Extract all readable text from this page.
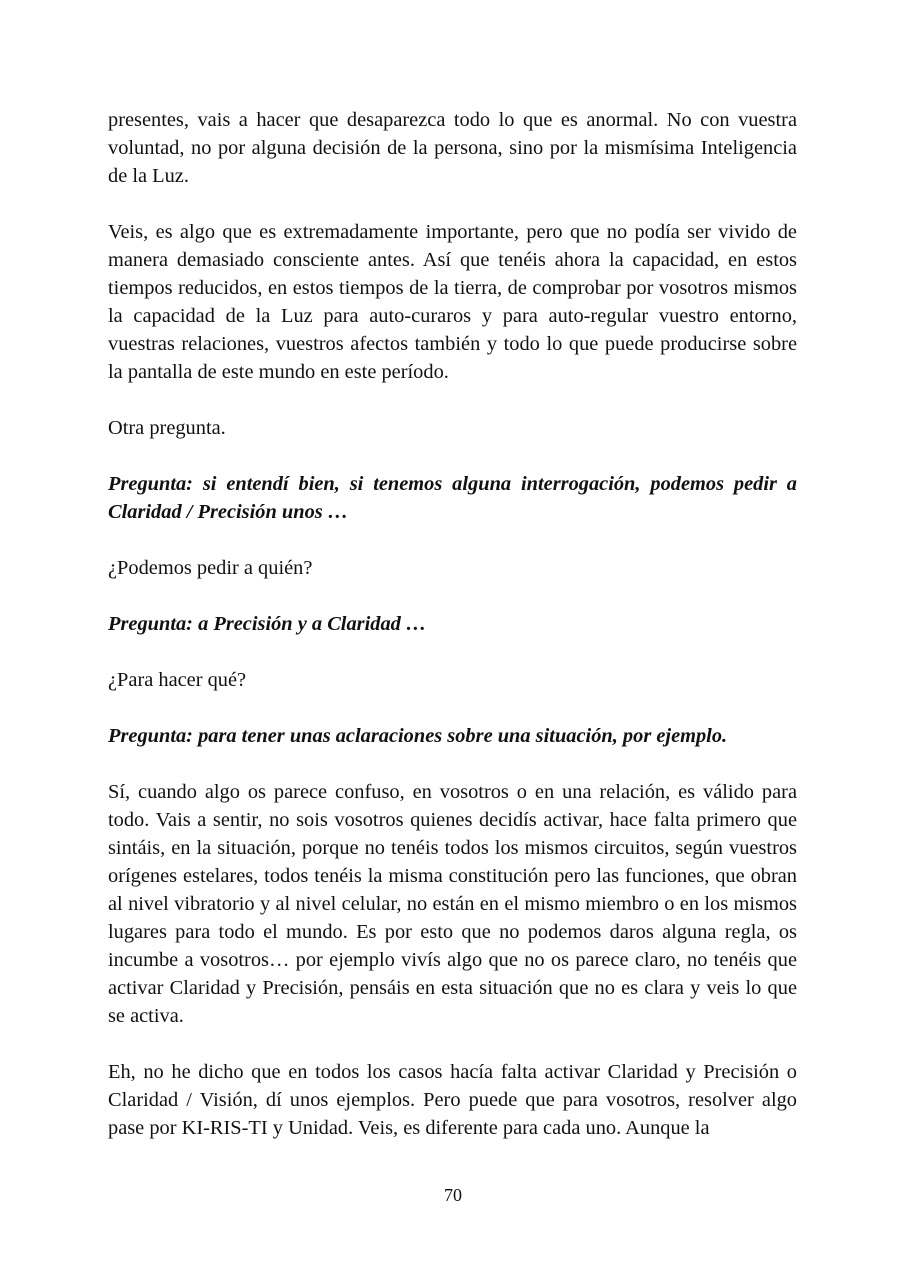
presentes, vais a hacer que desaparezca todo lo que es anormal. No con vuestra voluntad, no por alguna decisión de la persona, sino por la mismísima Inteligencia de la Luz.

Veis, es algo que es extremadamente importante, pero que no podía ser vivido de manera demasiado consciente antes. Así que tenéis ahora la capacidad, en estos tiempos reducidos, en estos tiempos de la tierra, de comprobar por vosotros mismos la capacidad de la Luz para auto-curaros y para auto-regular vuestro entorno, vuestras relaciones, vuestros afectos también y todo lo que puede producirse sobre la pantalla de este mundo en este período.

Otra pregunta.

Pregunta: si entendí bien, si tenemos alguna interrogación, podemos pedir a Claridad / Precisión unos …

¿Podemos pedir a quién?

Pregunta: a Precisión y a Claridad …

¿Para hacer qué?

Pregunta: para tener unas aclaraciones sobre una situación, por ejemplo.

Sí, cuando algo os parece confuso, en vosotros o en una relación, es válido para todo. Vais a sentir, no sois vosotros quienes decidís activar, hace falta primero que sintáis, en la situación, porque no tenéis todos los mismos circuitos, según vuestros orígenes estelares, todos tenéis la misma constitución pero las funciones, que obran al nivel vibratorio y al nivel celular, no están en el mismo miembro o en los mismos lugares para todo el mundo. Es por esto que no podemos daros alguna regla, os incumbe a vosotros… por ejemplo vivís algo que no os parece claro, no tenéis que activar Claridad y Precisión, pensáis en esta situación que no es clara y veis lo que se activa.

Eh, no he dicho que en todos los casos hacía falta activar Claridad y Precisión o Claridad / Visión, dí unos ejemplos. Pero puede que para vosotros, resolver algo pase por KI-RIS-TI y Unidad. Veis, es diferente para cada uno. Aunque la

70
